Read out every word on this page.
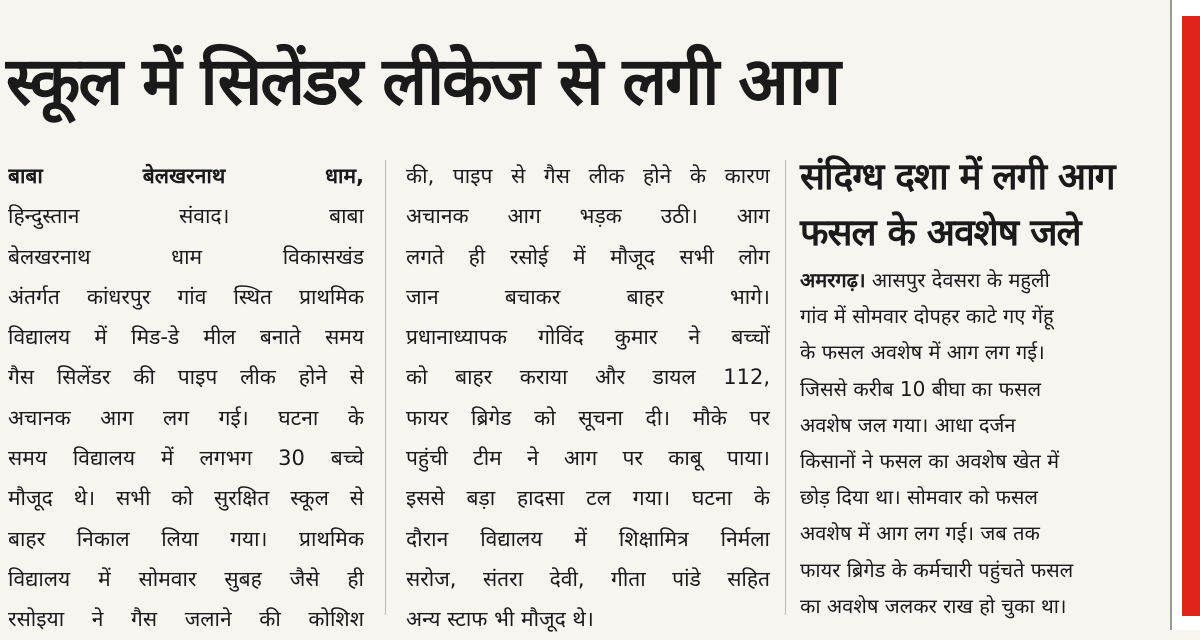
स्कूल में सिलेंडर लीकेज से लगी आग

बाबा बेलखरनाथ धाम,

हिन्दुस्तान संवाद। बाबा

बेलखरनाथ धाम विकासखंड

अंतर्गत कांधरपुर गांव स्थित प्राथमिक

विद्यालय में मिड-डे मील बनाते समय

गैस सिलेंडर की पाइप लीक होने से

अचानक आग लग गई। घटना के

समय विद्यालय में लगभग 30 बच्चे

मौजूद थे। सभी को सुरक्षित स्कूल से

बाहर निकाल लिया गया। प्राथमिक

विद्यालय में सोमवार सुबह जैसे ही

रसोइया ने गैस जलाने की कोशिश

की, पाइप से गैस लीक होने के कारण

अचानक आग भड़क उठी। आग

लगते ही रसोई में मौजूद सभी लोग

जान बचाकर बाहर भागे।

प्रधानाध्यापक गोविंद कुमार ने बच्चों

को बाहर कराया और डायल 112,

फायर ब्रिगेड को सूचना दी। मौके पर

पहुंची टीम ने आग पर काबू पाया।

इससे बड़ा हादसा टल गया। घटना के

दौरान विद्यालय में शिक्षामित्र निर्मला

सरोज, संतरा देवी, गीता पांडे सहित

अन्य स्टाफ भी मौजूद थे।

संदिग्ध दशा में लगी आग
फसल के अवशेष जले

अमरगढ़। आसपुर देवसरा के महुली

गांव में सोमवार दोपहर काटे गए गेंहू

के फसल अवशेष में आग लग गई।

जिससे करीब 10 बीघा का फसल

अवशेष जल गया। आधा दर्जन

किसानों ने फसल का अवशेष खेत में

छोड़ दिया था। सोमवार को फसल

अवशेष में आग लग गई। जब तक

फायर ब्रिगेड के कर्मचारी पहुंचते फसल

का अवशेष जलकर राख हो चुका था।
